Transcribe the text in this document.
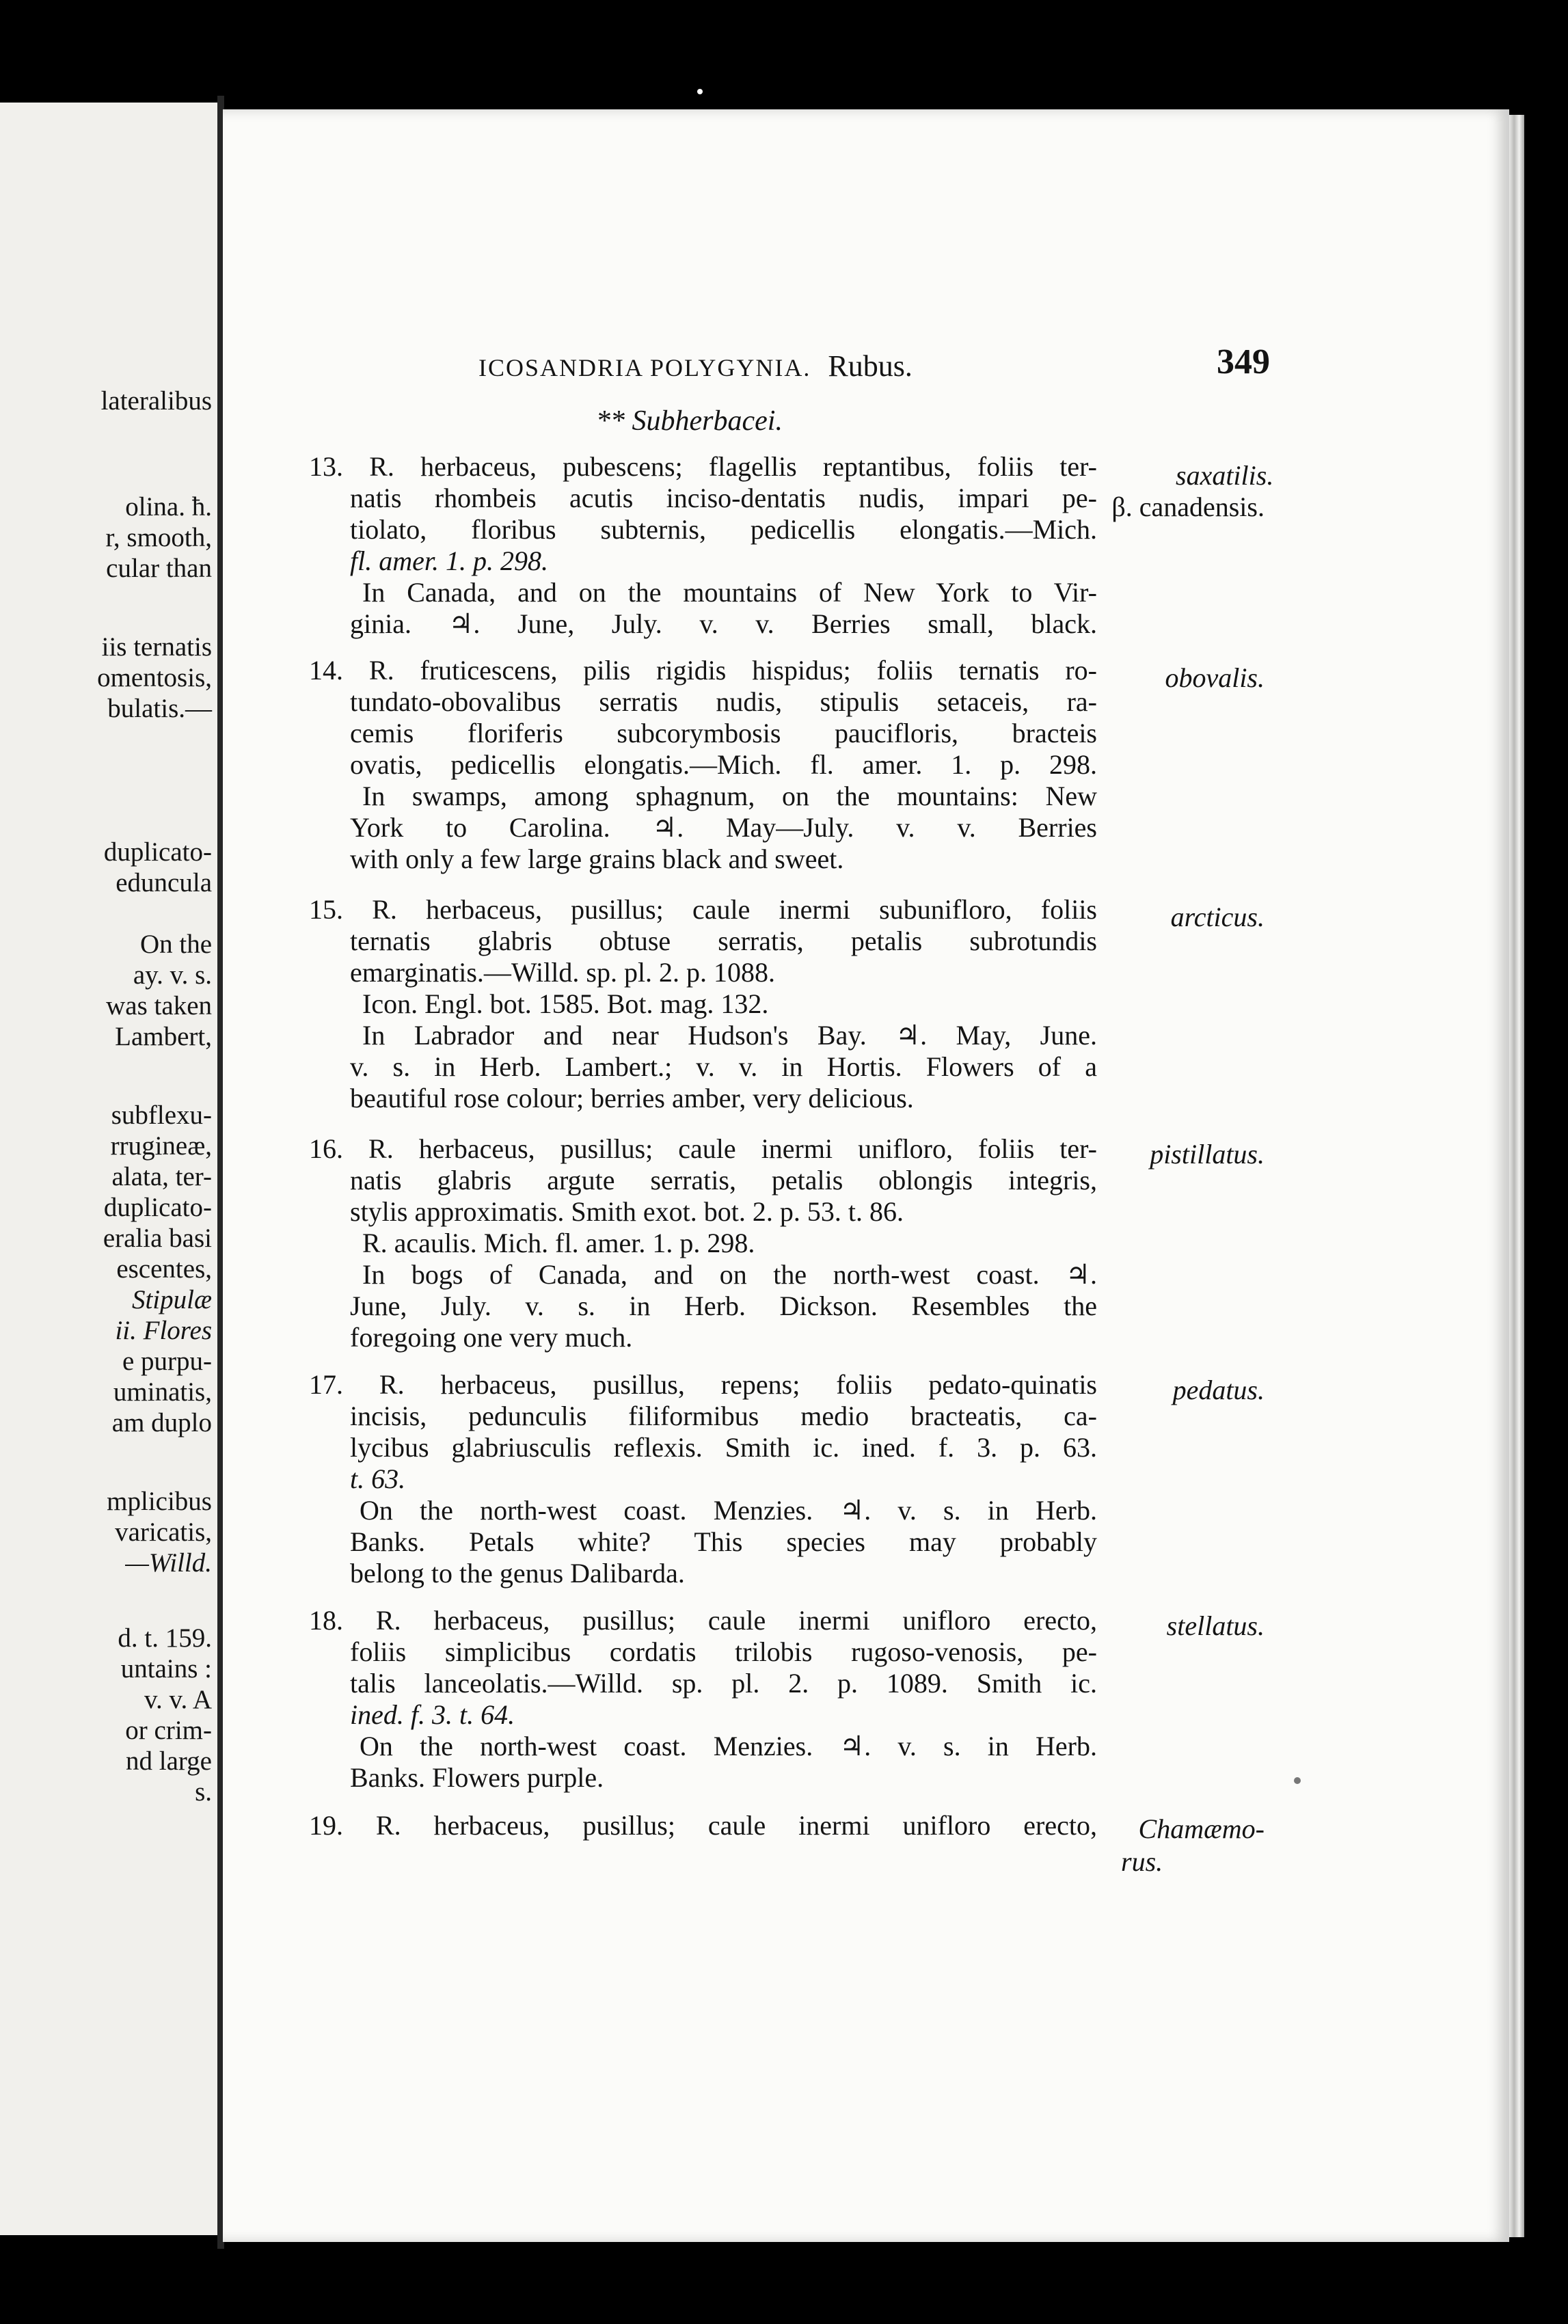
lateralibus
olina. ħ.
r, smooth,
cular than
iis ternatis
omentosis,
bulatis.—
duplicato-
eduncula
On the
ay. v. s.
was taken
Lambert,
subflexu-
rrugineæ,
alata, ter-
duplicato-
eralia basi
escentes,
Stipulæ
ii. Flores
e purpu-
uminatis,
am duplo
mplicibus
varicatis,
—Willd.
d. t. 159.
untains :
v. v. A
or crim-
nd large
s.
ICOSANDRIA POLYGYNIA. Rubus.	349
** Subherbacei.
13. R. herbaceus, pubescens; flagellis reptantibus, foliis ter-
natis rhombeis acutis inciso-dentatis nudis, impari pe-
tiolato, floribus subternis, pedicellis elongatis.—Mich.
fl. amer. 1. p. 298.
In Canada, and on the mountains of New York to Vir-
ginia. ♃. June, July. v. v. Berries small, black.
saxatilis.
β. canadensis.
14. R. fruticescens, pilis rigidis hispidus; foliis ternatis ro-
tundato-obovalibus serratis nudis, stipulis setaceis, ra-
cemis floriferis subcorymbosis paucifloris, bracteis
ovatis, pedicellis elongatis.—Mich. fl. amer. 1. p. 298.
In swamps, among sphagnum, on the mountains: New
York to Carolina. ♃. May—July. v. v. Berries
with only a few large grains black and sweet.
obovalis.
15. R. herbaceus, pusillus; caule inermi subunifloro, foliis
ternatis glabris obtuse serratis, petalis subrotundis
emarginatis.—Willd. sp. pl. 2. p. 1088.
Icon. Engl. bot. 1585. Bot. mag. 132.
In Labrador and near Hudson's Bay. ♃. May, June.
v. s. in Herb. Lambert.; v. v. in Hortis. Flowers of a
beautiful rose colour; berries amber, very delicious.
arcticus.
16. R. herbaceus, pusillus; caule inermi unifloro, foliis ter-
natis glabris argute serratis, petalis oblongis integris,
stylis approximatis. Smith exot. bot. 2. p. 53. t. 86.
R. acaulis. Mich. fl. amer. 1. p. 298.
In bogs of Canada, and on the north-west coast. ♃.
June, July. v. s. in Herb. Dickson. Resembles the
foregoing one very much.
pistillatus.
17. R. herbaceus, pusillus, repens; foliis pedato-quinatis
incisis, pedunculis filiformibus medio bracteatis, ca-
lycibus glabriusculis reflexis. Smith ic. ined. f. 3. p. 63.
t. 63.
On the north-west coast. Menzies. ♃. v. s. in Herb.
Banks. Petals white? This species may probably
belong to the genus Dalibarda.
pedatus.
18. R. herbaceus, pusillus; caule inermi unifloro erecto,
foliis simplicibus cordatis trilobis rugoso-venosis, pe-
talis lanceolatis.—Willd. sp. pl. 2. p. 1089. Smith ic.
ined. f. 3. t. 64.
On the north-west coast. Menzies. ♃. v. s. in Herb.
Banks. Flowers purple.
stellatus.
19. R. herbaceus, pusillus; caule inermi unifloro erecto,	Chamæmo-
rus.
